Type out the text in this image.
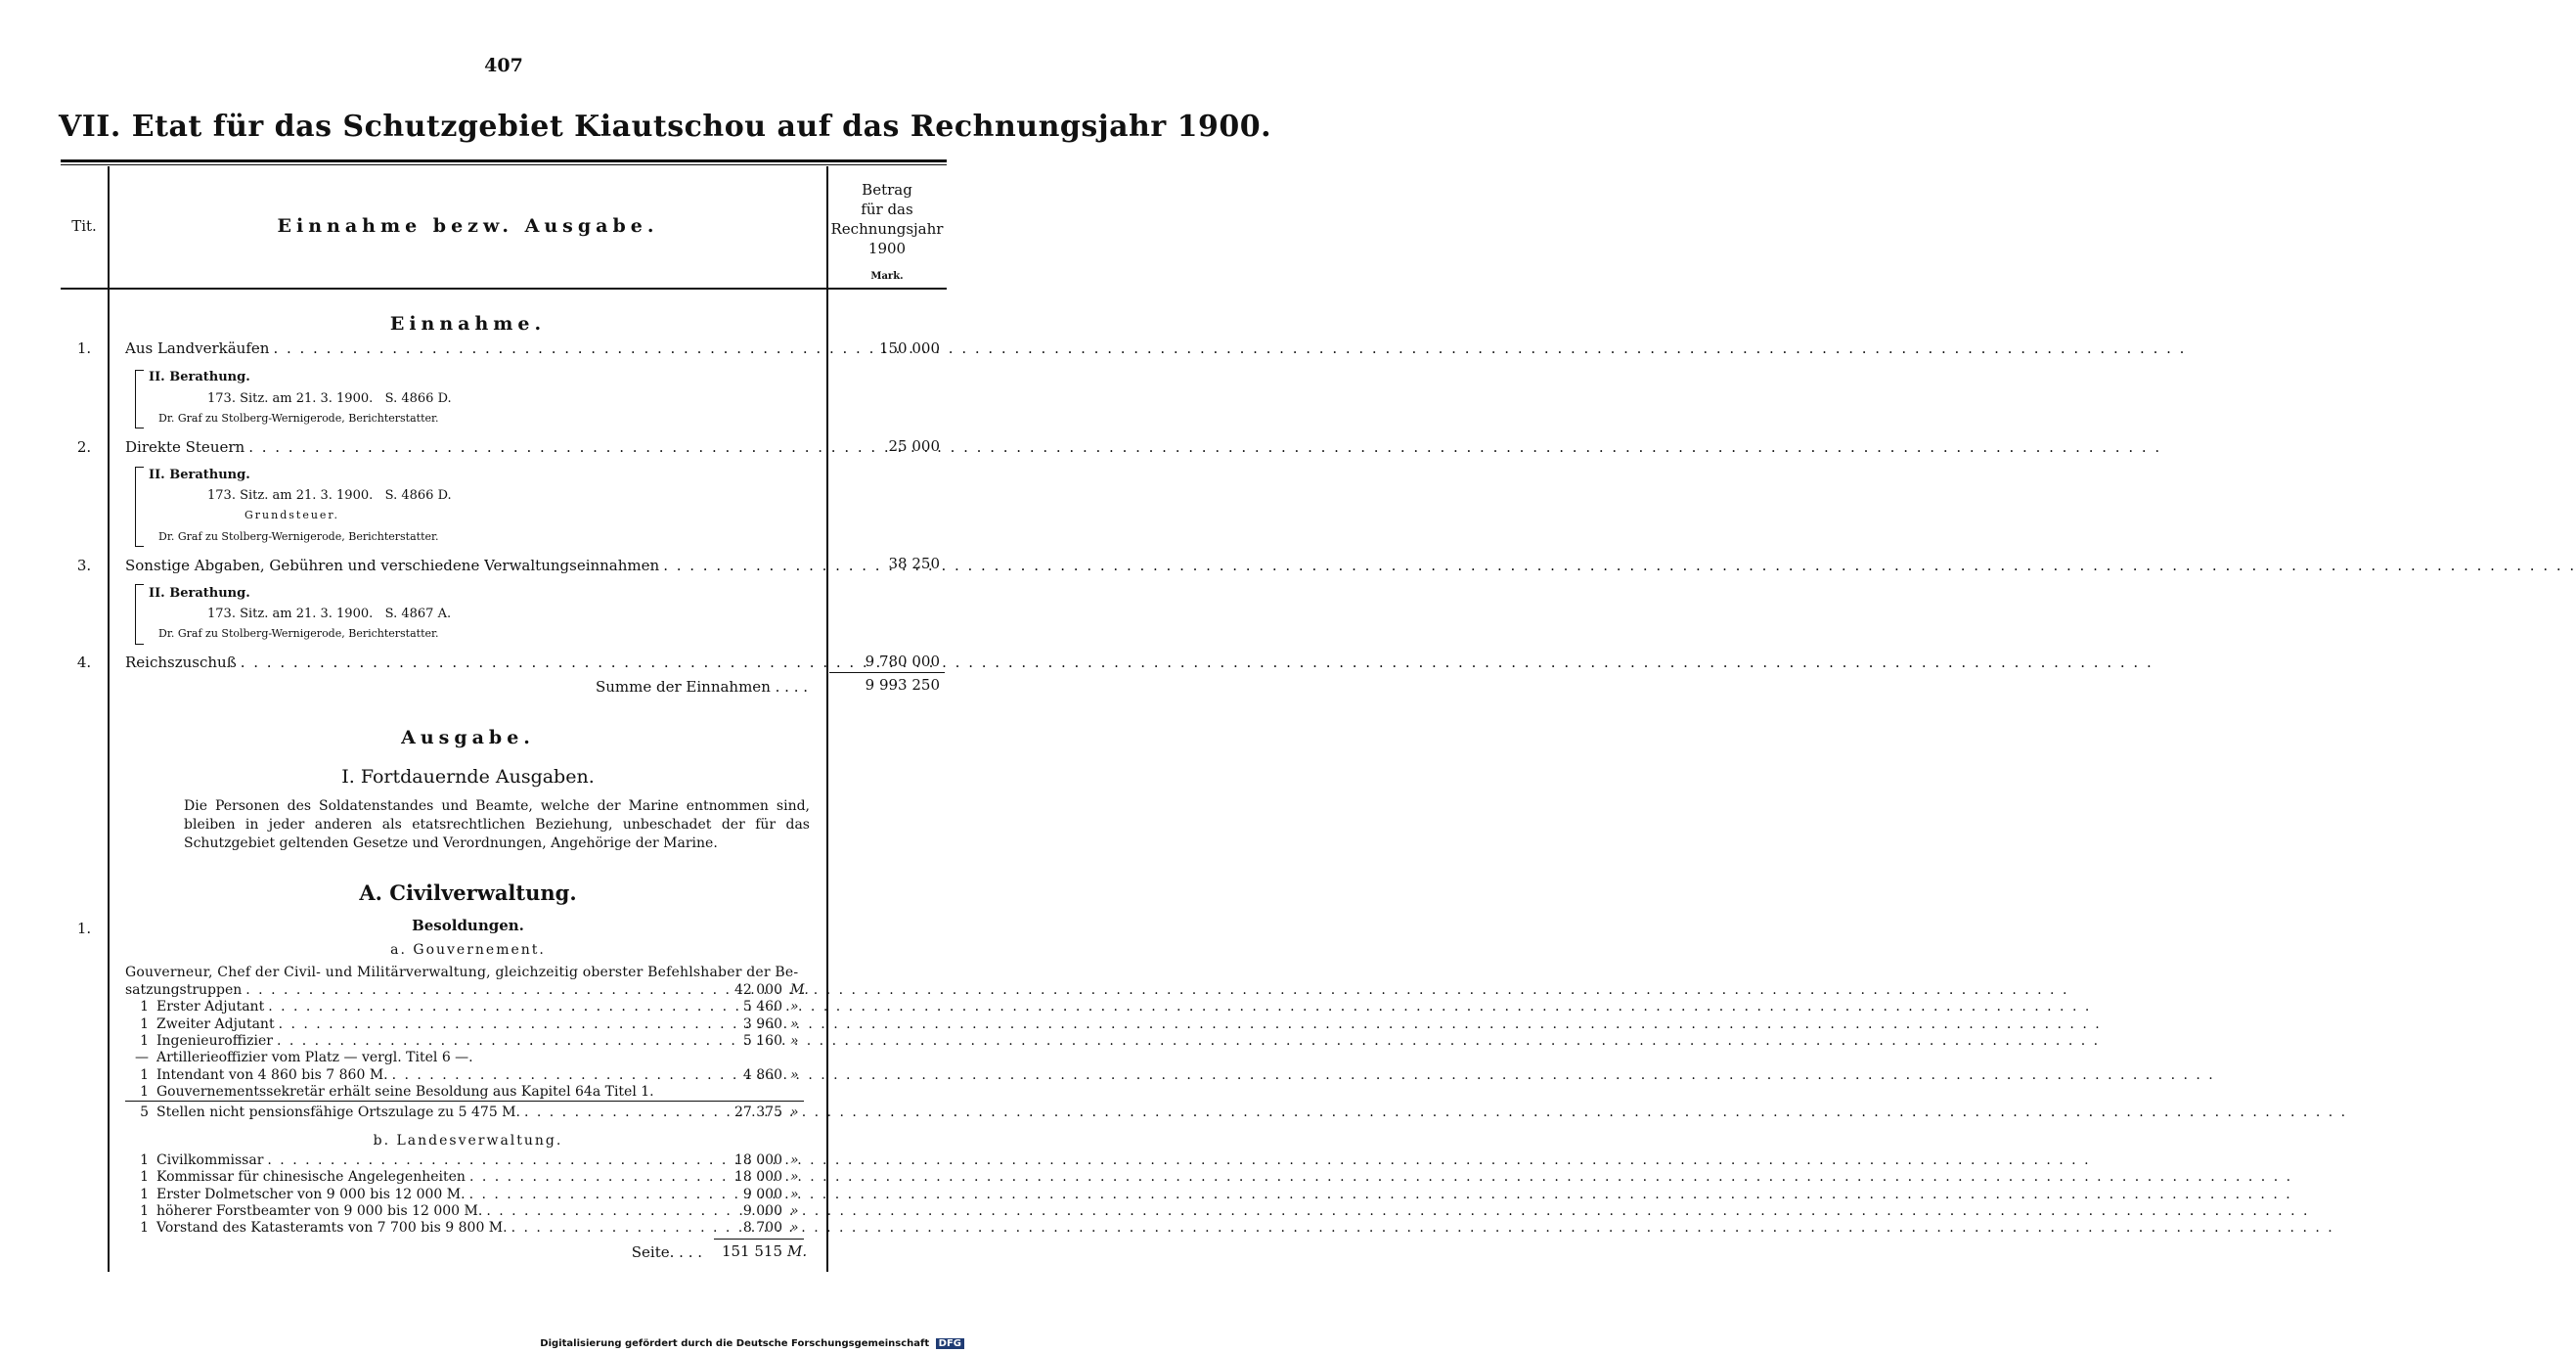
407
VII. Etat für das Schutzgebiet Kiautschou auf das Rechnungsjahr 1900.
Tit.	Einnahme bezw. Ausgabe.
Betrag
für das
Rechnungsjahr
1900
Mark.
Einnahme.
1.	Aus Landverkäufen . . .	150 000
II. Berathung.
173. Sitz. am 21. 3. 1900.   S. 4866 D.
Dr. Graf zu Stolberg-Wernigerode, Berichterstatter.
2.	Direkte Steuern . . .	25 000
II. Berathung.
173. Sitz. am 21. 3. 1900.   S. 4866 D.
Grundsteuer.
Dr. Graf zu Stolberg-Wernigerode, Berichterstatter.
3.	Sonstige Abgaben, Gebühren und verschiedene Verwaltungseinnahmen . . .	38 250
II. Berathung.
173. Sitz. am 21. 3. 1900.   S. 4867 A.
Dr. Graf zu Stolberg-Wernigerode, Berichterstatter.
4.	Reichszuschuß . . .	9 780 000
Summe der Einnahmen . . . .	9 993 250
Ausgabe.
I. Fortdauernde Ausgaben.
Die Personen des Soldatenstandes und Beamte, welche der Marine entnommen sind, bleiben in jeder anderen als etatsrechtlichen Beziehung, unbeschadet der für das Schutzgebiet geltenden Gesetze und Verordnungen, Angehörige der Marine.
A. Civilverwaltung.
1.	Besoldungen.
a. Gouvernement.
Gouverneur, Chef der Civil- und Militärverwaltung, gleichzeitig oberster Befehlshaber der Be-
satzungstruppen . . .	42 000 M.
1 Erster Adjutant . . .	5 460 »
1 Zweiter Adjutant . . .	3 960 »
1 Ingenieuroffizier . . .	5 160 »
— Artillerieoffizier vom Platz — vergl. Titel 6 —.
1 Intendant von 4 860 bis 7 860 M. . . .	4 860 »
1 Gouvernementssekretär erhält seine Besoldung aus Kapitel 64a Titel 1.
5 Stellen nicht pensionsfähige Ortszulage zu 5 475 M. . . .	27 375 »
b. Landesverwaltung.
1 Civilkommissar . . .	18 000 »
1 Kommissar für chinesische Angelegenheiten . . .	18 000 »
1 Erster Dolmetscher von 9 000 bis 12 000 M. . . .	9 000 »
1 höherer Forstbeamter von 9 000 bis 12 000 M. . . .	9 000 »
1 Vorstand des Katasteramts von 7 700 bis 9 800 M. . . .	8 700 »
Seite. . . .	151 515 M.
Digitalisierung gefördert durch die Deutsche Forschungsgemeinschaft DFG
